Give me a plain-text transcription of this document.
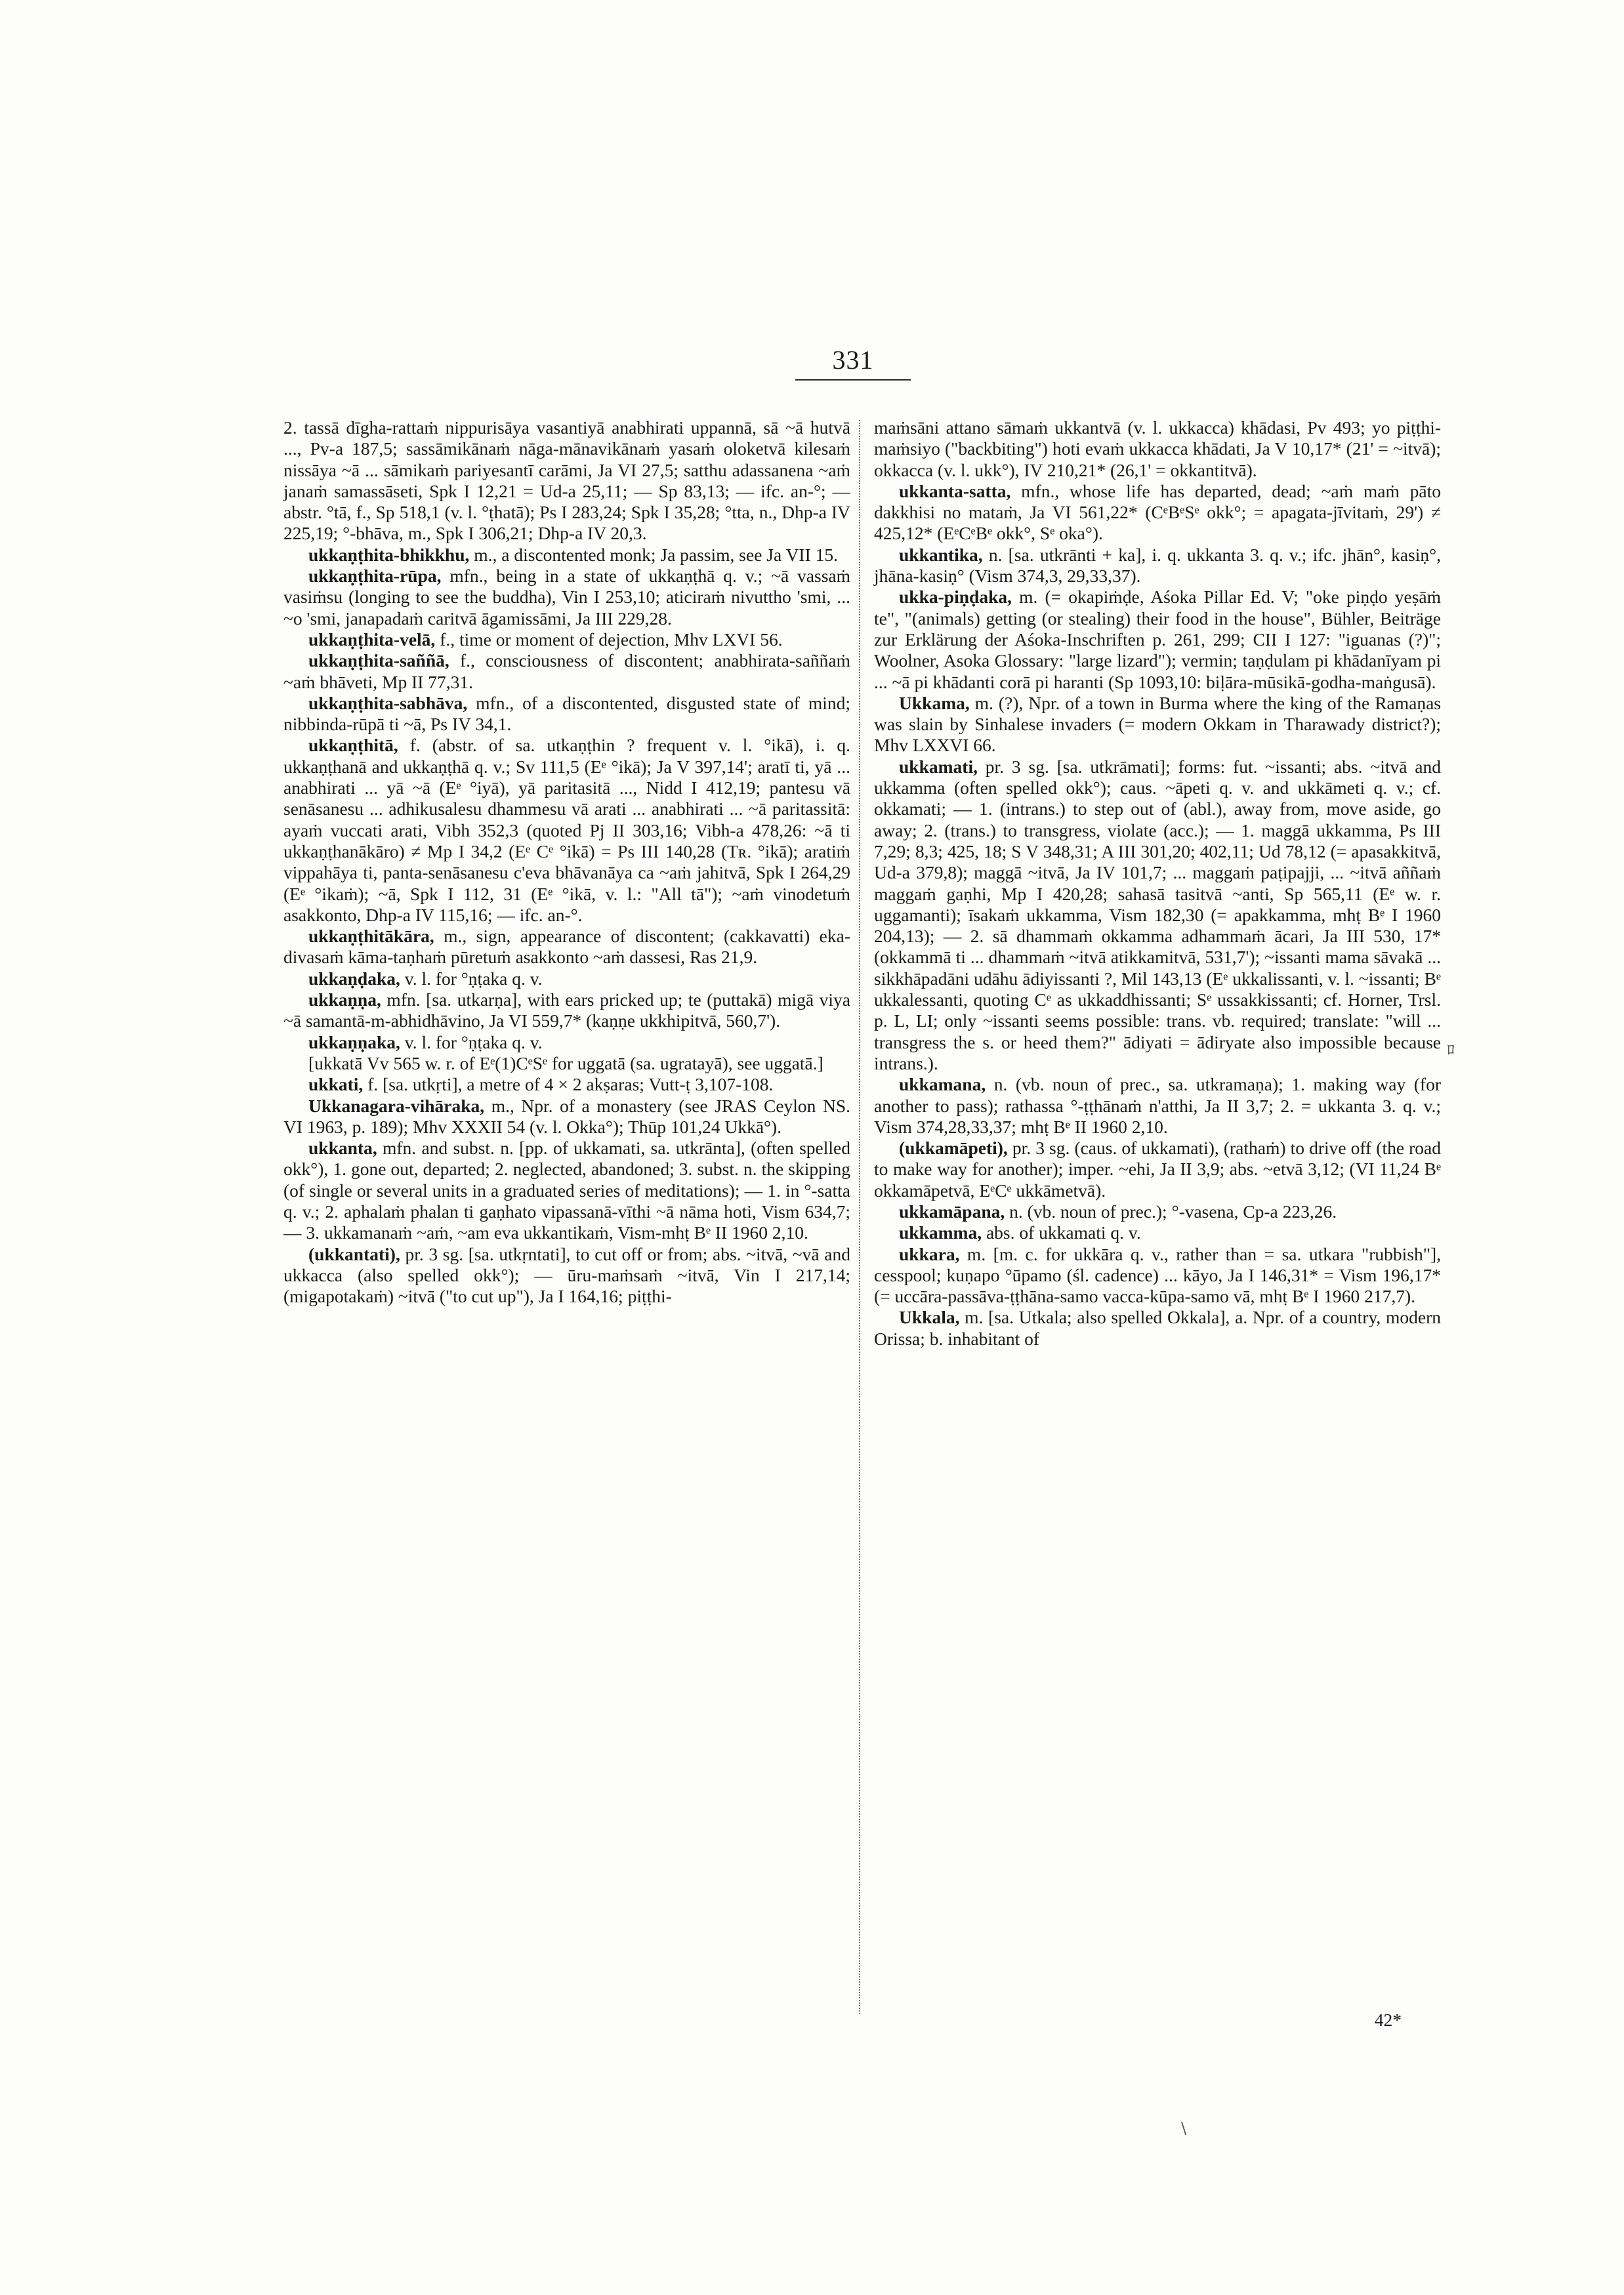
331

2. tassā dīgha-rattaṁ nippurisāya vasantiyā anabhirati uppannā, sā ~ā hutvā ..., Pv-a 187,5; sassāmikānaṁ nāga-mānavikānaṁ yasaṁ oloketvā kilesaṁ nissāya ~ā ... sāmikaṁ pariyesantī carāmi, Ja VI 27,5; satthu adassanena ~aṁ janaṁ samassāseti, Spk I 12,21 = Ud-a 25,11; — Sp 83,13; — ifc. an-°; — abstr. °tā, f., Sp 518,1 (v. l. °ṭhatā); Ps I 283,24; Spk I 35,28; °tta, n., Dhp-a IV 225,19; °-bhāva, m., Spk I 306,21; Dhp-a IV 20,3.

ukkaṇṭhita-bhikkhu, m., a discontented monk; Ja passim, see Ja VII 15.

ukkaṇṭhita-rūpa, mfn., being in a state of ukkaṇṭhā q. v.; ~ā vassaṁ vasiṁsu (longing to see the buddha), Vin I 253,10; aticiraṁ nivuttho 'smi, ... ~o 'smi, janapadaṁ caritvā āgamissāmi, Ja III 229,28.

ukkaṇṭhita-velā, f., time or moment of dejection, Mhv LXVI 56.

ukkaṇṭhita-saññā, f., consciousness of discontent; anabhirata-saññaṁ ~aṁ bhāveti, Mp II 77,31.

ukkaṇṭhita-sabhāva, mfn., of a discontented, disgusted state of mind; nibbinda-rūpā ti ~ā, Ps IV 34,1.

ukkaṇṭhitā, f. (abstr. of sa. utkaṇṭhin ? frequent v. l. °ikā), i. q. ukkaṇṭhanā and ukkaṇṭhā q. v.; Sv 111,5 (Eᵉ °ikā); Ja V 397,14'; aratī ti, yā ... anabhirati ... yā ~ā (Eᵉ °iyā), yā paritasitā ..., Nidd I 412,19; pantesu vā senāsanesu ... adhikusalesu dhammesu vā arati ... anabhirati ... ~ā paritassitā: ayaṁ vuccati arati, Vibh 352,3 (quoted Pj II 303,16; Vibh-a 478,26: ~ā ti ukkaṇṭhanākāro) ≠ Mp I 34,2 (Eᵉ Cᵉ °ikā) = Ps III 140,28 (Tʀ. °ikā); aratiṁ vippahāya ti, panta-senāsanesu c'eva bhāvanāya ca ~aṁ jahitvā, Spk I 264,29 (Eᵉ °ikaṁ); ~ā, Spk I 112, 31 (Eᵉ °ikā, v. l.: "All tā"); ~aṁ vinodetuṁ asakkonto, Dhp-a IV 115,16; — ifc. an-°.

ukkaṇṭhitākāra, m., sign, appearance of discontent; (cakkavatti) eka-divasaṁ kāma-taṇhaṁ pūretuṁ asakkonto ~aṁ dassesi, Ras 21,9.

ukkaṇḍaka, v. l. for °ṇṭaka q. v.

ukkaṇṇa, mfn. [sa. utkarṇa], with ears pricked up; te (puttakā) migā viya ~ā samantā-m-abhidhāvino, Ja VI 559,7* (kaṇṇe ukkhipitvā, 560,7').

ukkaṇṇaka, v. l. for °ṇṭaka q. v.

[ukkatā Vv 565 w. r. of Eᵉ(1)CᵉSᵉ for uggatā (sa. ugratayā), see uggatā.]

ukkati, f. [sa. utkṛti], a metre of 4 × 2 akṣaras; Vutt-ṭ 3,107-108.

Ukkanagara-vihāraka, m., Npr. of a monastery (see JRAS Ceylon NS. VI 1963, p. 189); Mhv XXXII 54 (v. l. Okka°); Thūp 101,24 Ukkā°).

ukkanta, mfn. and subst. n. [pp. of ukkamati, sa. utkrānta], (often spelled okk°), 1. gone out, departed; 2. neglected, abandoned; 3. subst. n. the skipping (of single or several units in a graduated series of meditations); — 1. in °-satta q. v.; 2. aphalaṁ phalan ti gaṇhato vipassanā-vīthi ~ā nāma hoti, Vism 634,7; — 3. ukkamanaṁ ~aṁ, ~am eva ukkantikaṁ, Vism-mhṭ Bᵉ II 1960 2,10.

(ukkantati), pr. 3 sg. [sa. utkṛntati], to cut off or from; abs. ~itvā, ~vā and ukkacca (also spelled okk°); — ūru-maṁsaṁ ~itvā, Vin I 217,14; (migapotakaṁ) ~itvā ("to cut up"), Ja I 164,16; piṭṭhi-

maṁsāni attano sāmaṁ ukkantvā (v. l. ukkacca) khādasi, Pv 493; yo piṭṭhi-maṁsiyo ("backbiting") hoti evaṁ ukkacca khādati, Ja V 10,17* (21' = ~itvā); okkacca (v. l. ukk°), IV 210,21* (26,1' = okkantitvā).

ukkanta-satta, mfn., whose life has departed, dead; ~aṁ maṁ pāto dakkhisi no mataṁ, Ja VI 561,22* (CᵉBᵉSᵉ okk°; = apagata-jīvitaṁ, 29') ≠ 425,12* (EᵉCᵉBᵉ okk°, Sᵉ oka°).

ukkantika, n. [sa. utkrānti + ka], i. q. ukkanta 3. q. v.; ifc. jhān°, kasiṇ°, jhāna-kasiṇ° (Vism 374,3, 29,33,37).

ukka-piṇḍaka, m. (= okapiṁḍe, Aśoka Pillar Ed. V; "oke piṇḍo yeṣāṁ te", "(animals) getting (or stealing) their food in the house", Bühler, Beiträge zur Erklärung der Aśoka-Inschriften p. 261, 299; CII I 127: "iguanas (?)"; Woolner, Asoka Glossary: "large lizard"); vermin; taṇḍulam pi khādanīyam pi ... ~ā pi khādanti corā pi haranti (Sp 1093,10: biḷāra-mūsikā-godha-maṅgusā).

Ukkama, m. (?), Npr. of a town in Burma where the king of the Ramaṇas was slain by Sinhalese invaders (= modern Okkam in Tharawady district?); Mhv LXXVI 66.

ukkamati, pr. 3 sg. [sa. utkrāmati]; forms: fut. ~issanti; abs. ~itvā and ukkamma (often spelled okk°); caus. ~āpeti q. v. and ukkāmeti q. v.; cf. okkamati; — 1. (intrans.) to step out of (abl.), away from, move aside, go away; 2. (trans.) to transgress, violate (acc.); — 1. maggā ukkamma, Ps III 7,29; 8,3; 425, 18; S V 348,31; A III 301,20; 402,11; Ud 78,12 (= apasakkitvā, Ud-a 379,8); maggā ~itvā, Ja IV 101,7; ... maggaṁ paṭipajji, ... ~itvā aññaṁ maggaṁ gaṇhi, Mp I 420,28; sahasā tasitvā ~anti, Sp 565,11 (Eᵉ w. r. uggamanti); īsakaṁ ukkamma, Vism 182,30 (= apakkamma, mhṭ Bᵉ I 1960 204,13); — 2. sā dhammaṁ okkamma adhammaṁ ācari, Ja III 530, 17* (okkammā ti ... dhammaṁ ~itvā atikkamitvā, 531,7'); ~issanti mama sāvakā ... sikkhāpadāni udāhu ādiyissanti ?, Mil 143,13 (Eᵉ ukkalissanti, v. l. ~issanti; Bᵉ ukkalessanti, quoting Cᵉ as ukkaddhissanti; Sᵉ ussakkissanti; cf. Horner, Trsl. p. L, LI; only ~issanti seems possible: trans. vb. required; translate: "will ... transgress the s. or heed them?" ādiyati = ādiryate also impossible because intrans.).

ukkamana, n. (vb. noun of prec., sa. utkramaṇa); 1. making way (for another to pass); rathassa °-ṭṭhānaṁ n'atthi, Ja II 3,7; 2. = ukkanta 3. q. v.; Vism 374,28,33,37; mhṭ Bᵉ II 1960 2,10.

(ukkamāpeti), pr. 3 sg. (caus. of ukkamati), (rathaṁ) to drive off (the road to make way for another); imper. ~ehi, Ja II 3,9; abs. ~etvā 3,12; (VI 11,24 Bᵉ okkamāpetvā, EᵉCᵉ ukkāmetvā).

ukkamāpana, n. (vb. noun of prec.); °-vasena, Cp-a 223,26.

ukkamma, abs. of ukkamati q. v.

ukkara, m. [m. c. for ukkāra q. v., rather than = sa. utkara "rubbish"], cesspool; kuṇapo °ūpamo (śl. cadence) ... kāyo, Ja I 146,31* = Vism 196,17* (= uccāra-passāva-ṭṭhāna-samo vacca-kūpa-samo vā, mhṭ Bᵉ I 1960 217,7).

Ukkala, m. [sa. Utkala; also spelled Okkala], a. Npr. of a country, modern Orissa; b. inhabitant of

42*
ﾛ
\
